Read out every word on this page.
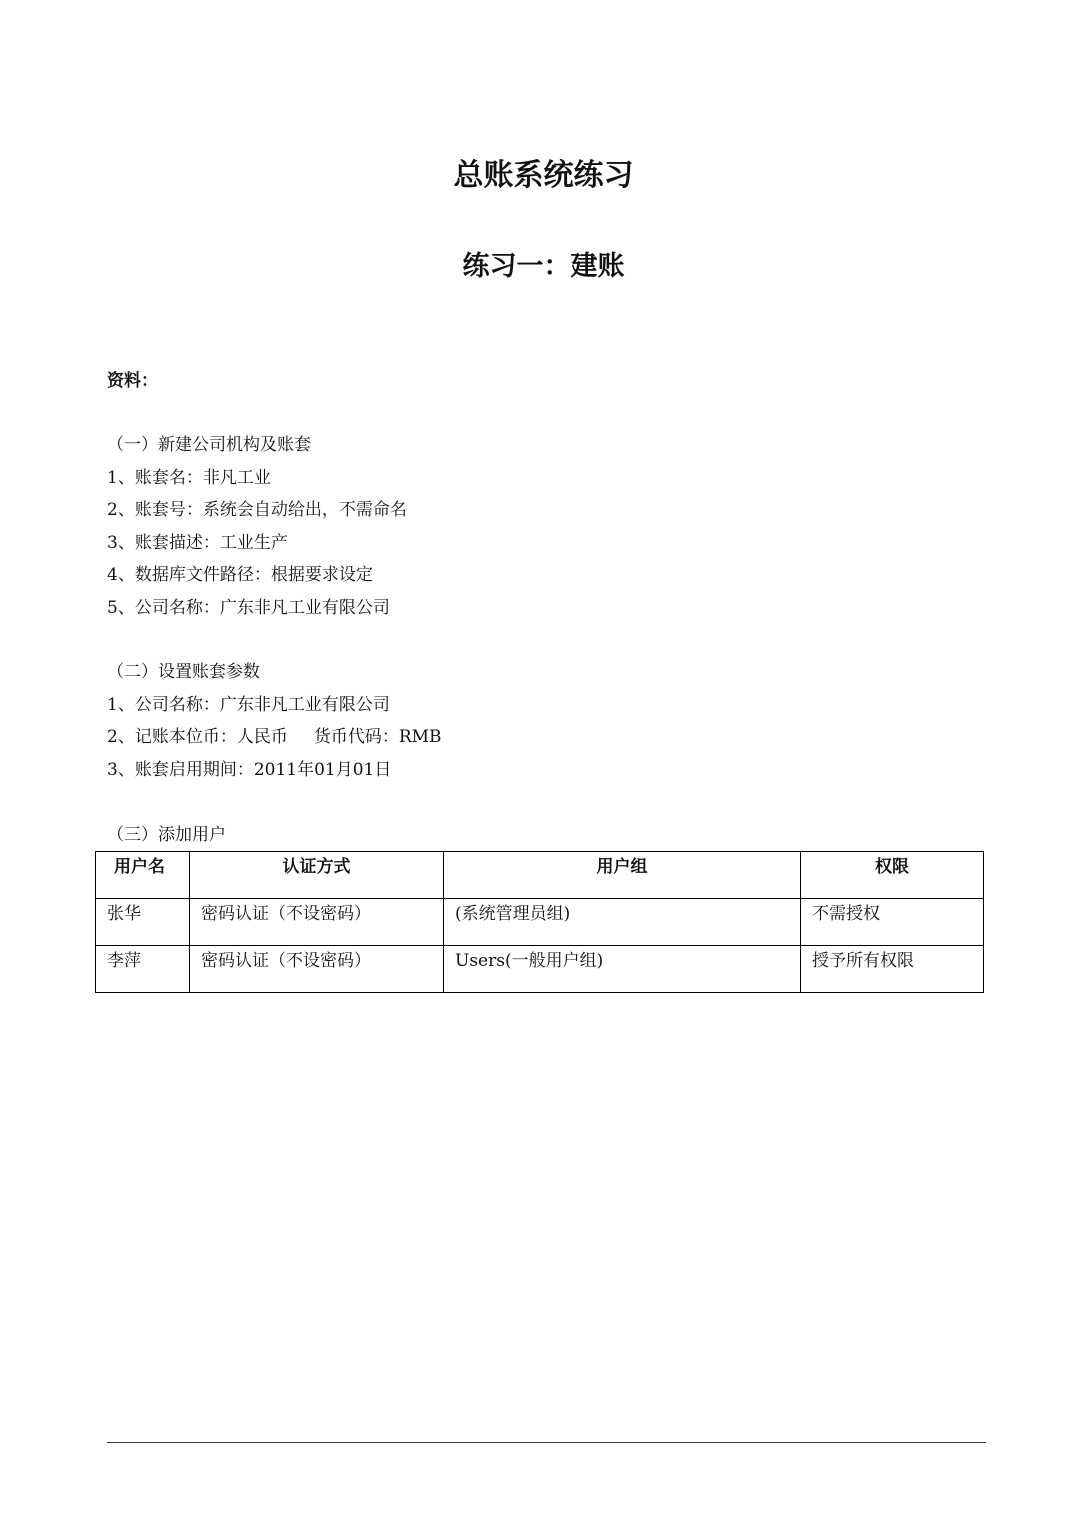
总账系统练习
练习一：建账
资料：
（一）新建公司机构及账套
1、账套名：非凡工业
2、账套号：系统会自动给出，不需命名
3、账套描述：工业生产
4、数据库文件路径：根据要求设定
5、公司名称：广东非凡工业有限公司
（二）设置账套参数
1、公司名称：广东非凡工业有限公司
2、记账本位币：人民币 货币代码：RMB
3、账套启用期间：2011年01月01日
（三）添加用户
用户名	认证方式	用户组	权限
张华	密码认证（不设密码）	(系统管理员组)	不需授权
李萍	密码认证（不设密码）	Users(一般用户组)	授予所有权限
